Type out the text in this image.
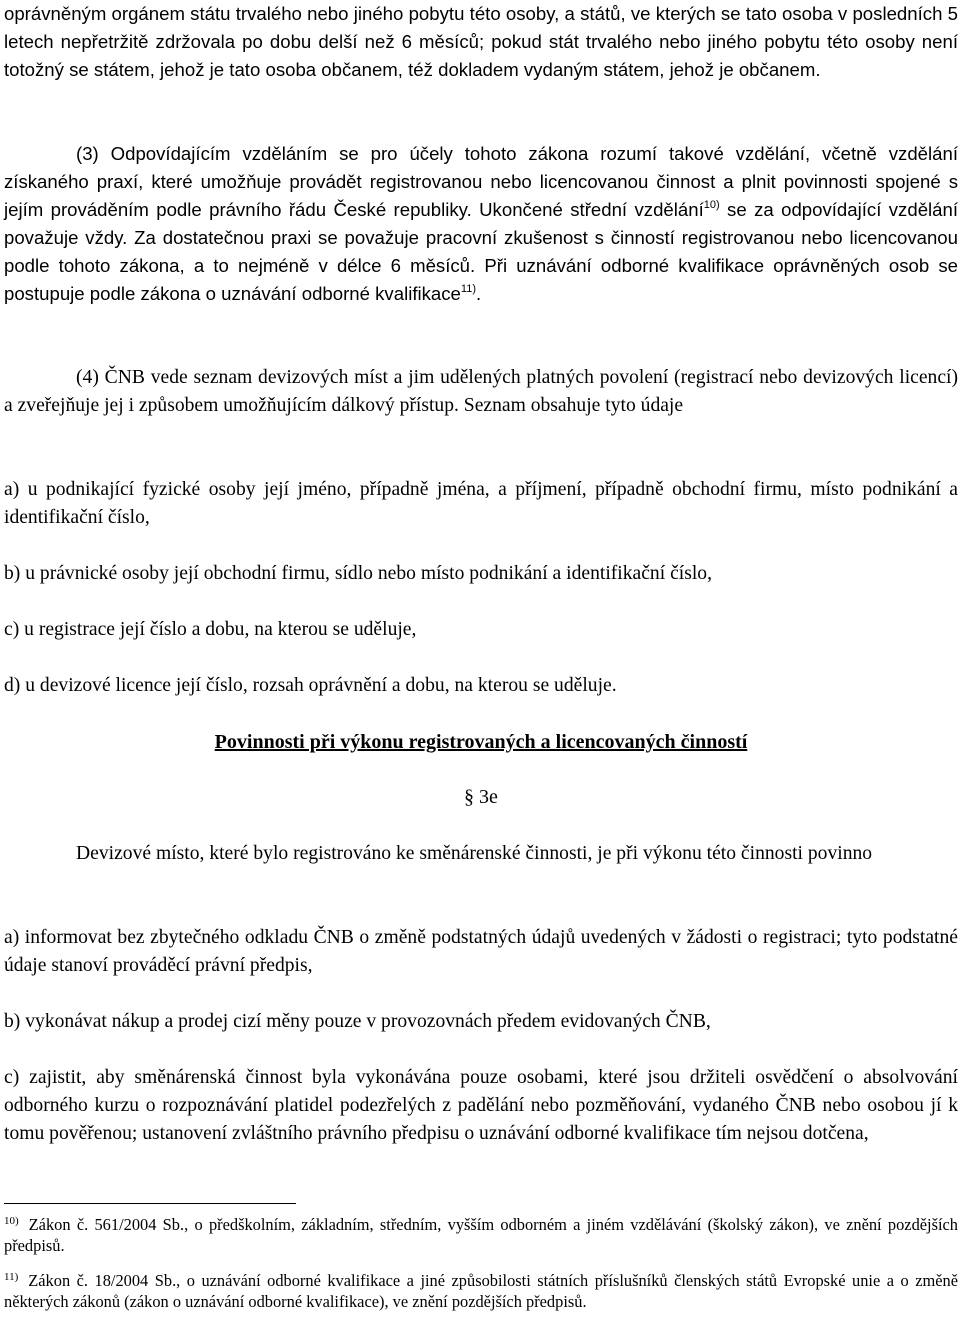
oprávněným orgánem státu trvalého nebo jiného pobytu této osoby, a států, ve kterých se tato osoba v posledních 5 letech nepřetržitě zdržovala po dobu delší než 6 měsíců; pokud stát trvalého nebo jiného pobytu této osoby není totožný se státem, jehož je tato osoba občanem, též dokladem vydaným státem, jehož je občanem.
(3) Odpovídajícím vzděláním se pro účely tohoto zákona rozumí takové vzdělání, včetně vzdělání získaného praxí, které umožňuje provádět registrovanou nebo licencovanou činnost a plnit povinnosti spojené s jejím prováděním podle právního řádu České republiky. Ukončené střední vzdělání$^{10)}$ se za odpovídající vzdělání považuje vždy. Za dostatečnou praxi se považuje pracovní zkušenost s činností registrovanou nebo licencovanou podle tohoto zákona, a to nejméně v délce 6 měsíců. Při uznávání odborné kvalifikace oprávněných osob se postupuje podle zákona o uznávání odborné kvalifikace$^{11)}$.
(4) ČNB vede seznam devizových míst a jim udělených platných povolení (registrací nebo devizových licencí) a zveřejňuje jej i způsobem umožňujícím dálkový přístup. Seznam obsahuje tyto údaje
a) u podnikající fyzické osoby její jméno, případně jména, a příjmení, případně obchodní firmu, místo podnikání a identifikační číslo,
b) u právnické osoby její obchodní firmu, sídlo nebo místo podnikání a identifikační číslo,
c) u registrace její číslo a dobu, na kterou se uděluje,
d) u devizové licence její číslo, rozsah oprávnění a dobu, na kterou se uděluje.
Povinnosti při výkonu registrovaných a licencovaných činností
§ 3e
Devizové místo, které bylo registrováno ke směnárenské činnosti, je při výkonu této činnosti povinno
a) informovat bez zbytečného odkladu ČNB o změně podstatných údajů uvedených v žádosti o registraci; tyto podstatné údaje stanoví prováděcí právní předpis,
b) vykonávat nákup a prodej cizí měny pouze v provozovnách předem evidovaných ČNB,
c) zajistit, aby směnárenská činnost byla vykonávána pouze osobami, které jsou držiteli osvědčení o absolvování odborného kurzu o rozpoznávání platidel podezřelých z padělání nebo pozměňování, vydaného ČNB nebo osobou jí k tomu pověřenou; ustanovení zvláštního právního předpisu o uznávání odborné kvalifikace tím nejsou dotčena,
$^{10)}$ Zákon č. 561/2004 Sb., o předškolním, základním, středním, vyšším odborném a jiném vzdělávání (školský zákon), ve znění pozdějších předpisů.
$^{11)}$ Zákon č. 18/2004 Sb., o uznávání odborné kvalifikace a jiné způsobilosti státních příslušníků členských států Evropské unie a o změně některých zákonů (zákon o uznávání odborné kvalifikace), ve znění pozdějších předpisů.
